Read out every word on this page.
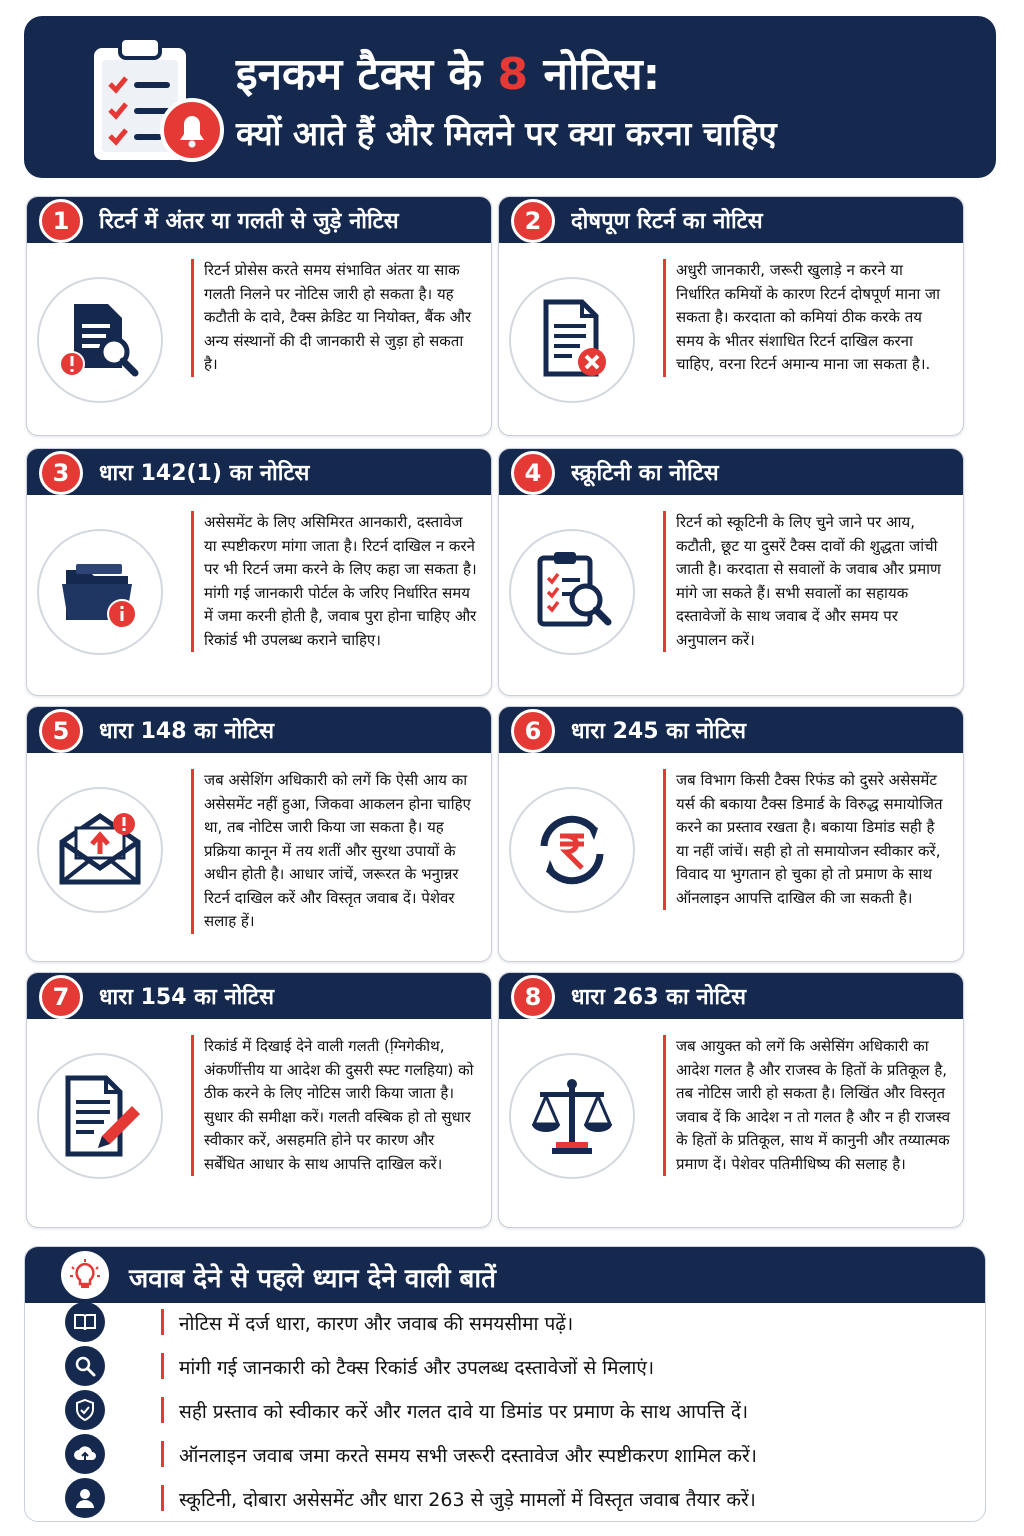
इनकम टैक्स के 8 नोटिस:
क्यों आते हैं और मिलने पर क्या करना चाहिए
1	रिटर्न में अंतर या गलती से जुड़े नोटिस
रिटर्न प्रोसेस करते समय संभावित अंतर या साक गलती निलने पर नोटिस जारी हो सकता है। यह कटौती के दावे, टैक्स क्रेडिट या नियोक्त, बैंक और अन्य संस्थानों की दी जानकारी से जुड़ा हो सकता है।
2	दोषपूण रिटर्न का नोटिस
अधुरी जानकारी, जरूरी खुलाड़े न करने या निर्धारित कमियों के कारण रिटर्न दोषपूर्ण माना जा सकता है। करदाता को कमियां ठीक करके तय समय के भीतर संशाधित रिटर्न दाखिल करना चाहिए, वरना रिटर्न अमान्य माना जा सकता है।.
3	धारा 142(1) का नोटिस
असेसमेंट के लिए असिमिरत आनकारी, दस्तावेज या स्पष्टीकरण मांगा जाता है। रिटर्न दाखिल न करने पर भी रिटर्न जमा करने के लिए कहा जा सकता है। मांगी गई जानकारी पोर्टल के जरिए निर्धारित समय में जमा करनी होती है, जवाब पुरा होना चाहिए और रिकांर्ड भी उपलब्ध कराने चाहिए।
4	स्क्रूटिनी का नोटिस
रिटर्न को स्कूटिनी के लिए चुने जाने पर आय, कटौती, छूट या दुसरें टैक्स दावों की शुद्धता जांची जाती है। करदाता से सवालों के जवाब और प्रमाण मांगे जा सकते हैं। सभी सवालों का सहायक दस्तावेजों के साथ जवाब दें और समय पर अनुपालन करें।
5	धारा 148 का नोटिस
जब असेशिंग अधिकारी को लगें कि ऐसी आय का असेसमेंट नहीं हुआ, जिकवा आकलन होना चाहिए था, तब नोटिस जारी किया जा सकता है। यह प्रक्रिया कानून में तय शतीं और सुरथा उपायों के अधीन होती है। आधार जांचें, जरूरत के भनुान्नर रिटर्न दाखिल करें और विस्तृत जवाब दें। पेशेवर सलाह हें।
6	धारा 245 का नोटिस
जब विभाग किसी टैक्स रिफंड को दुसरे असेसमेंट यर्स की बकाया टैक्स डिमार्ड के विरुद्ध समायोजित करने का प्रस्ताव रखता है। बकाया डिमांड सही है या नहीं जांचें। सही हो तो समायोजन स्वीकार करें, विवाद या भुगतान हो चुका हो तो प्रमाण के साथ ऑनलाइन आपत्ति दाखिल की जा सकती है।
7	धारा 154 का नोटिस
रिकांर्ड में दिखाई देने वाली गलती (ग्नि़गेकीथ, अंकणींत्तीय या आदेश की दुसरी स्फ्ट गलहिया) को ठीक करने के लिए नोटिस जारी किया जाता है। सुधार की समीक्षा करें। गलती वस्बिक हो तो सुधार स्वीकार करें, असहमति होने पर कारण और सर्बेंधित आधार के साथ आपत्ति दाखिल करें।
8	धारा 263 का नोटिस
जब आयुक्त को लगें कि असेसिंग अधिकारी का आदेश गलत है और राजस्व के हितों के प्रतिकूल है, तब नोटिस जारी हो सकता है। लिखिंत और विस्तृत जवाब दें कि आदेश न तो गलत है और न ही राजस्व के हितों के प्रतिकूल, साथ में कानुनी और तय्यात्मक प्रमाण दें। पेशेवर पतिमीधिष्य की सलाह है।
जवाब देने से पहले ध्यान देने वाली बातें
नोटिस में दर्ज धारा, कारण और जवाब की समयसीमा पढ़ें।
मांगी गई जानकारी को टैक्स रिकांर्ड और उपलब्ध दस्तावेजों से मिलाएं।
सही प्रस्ताव को स्वीकार करें और गलत दावे या डिमांड पर प्रमाण के साथ आपत्ति दें।
ऑनलाइन जवाब जमा करते समय सभी जरूरी दस्तावेज और स्पष्टीकरण शामिल करें।
स्कूटिनी, दोबारा असेसमेंट और धारा 263 से जुड़े मामलों में विस्तृत जवाब तैयार करें।
